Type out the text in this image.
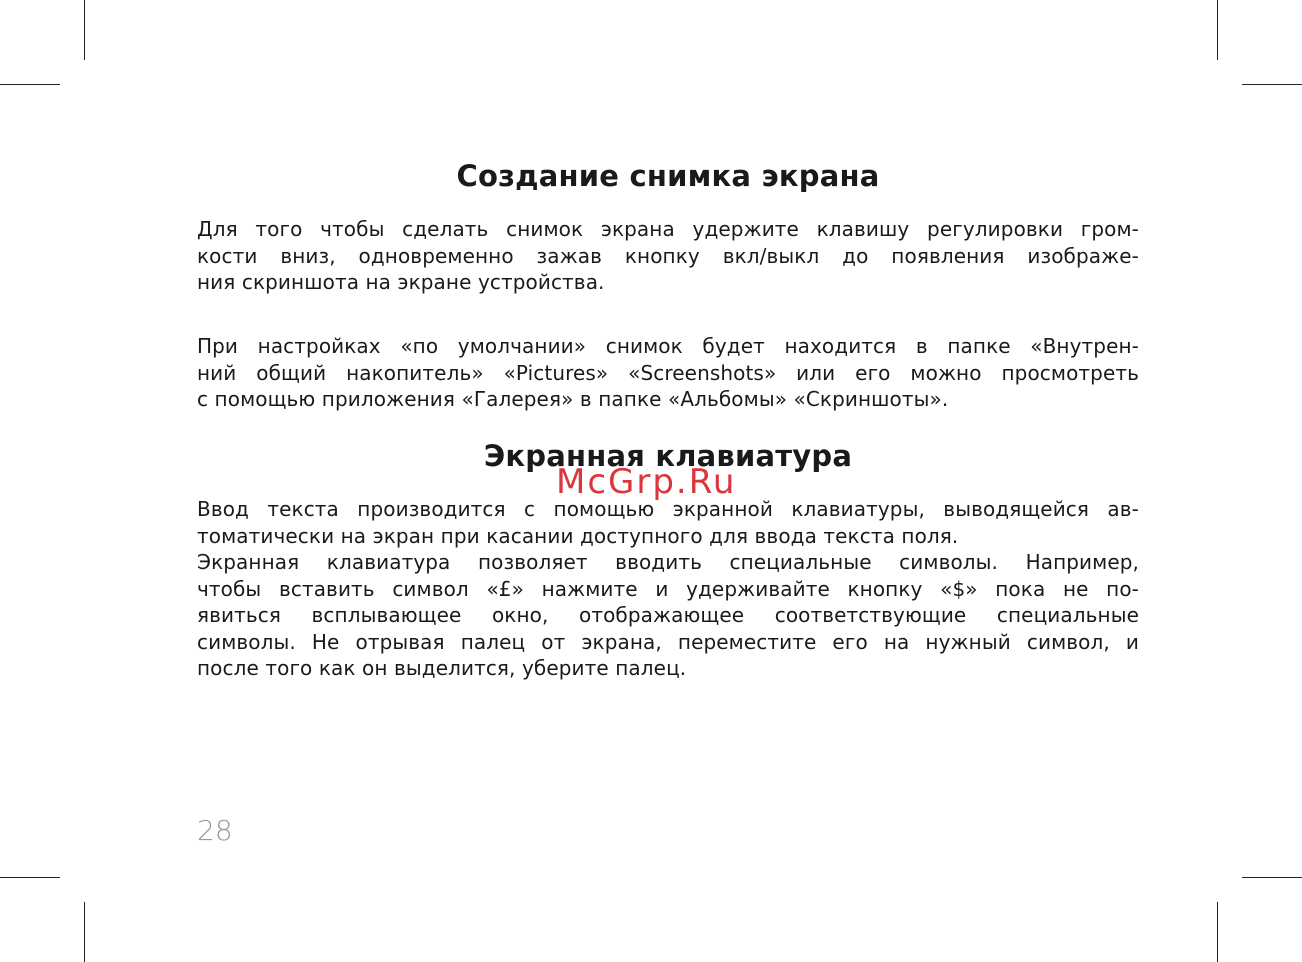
Создание снимка экрана

Для того чтобы сделать снимок экрана удержите клавишу регулировки гром-
кости вниз, одновременно зажав кнопку вкл/выкл до появления изображе-
ния скриншота на экране устройства.

При настройках «по умолчании» снимок будет находится в папке «Внутрен-
ний общий накопитель» «Pictures» «Screenshots» или его можно просмотреть
с помощью приложения «Галерея» в папке «Альбомы» «Скриншоты».

Экранная клавиатура

Ввод текста производится с помощью экранной клавиатуры, выводящейся ав-
томатически на экран при касании доступного для ввода текста поля.

Экранная клавиатура позволяет вводить специальные символы. Например,
чтобы вставить символ «£» нажмите и удерживайте кнопку «$» пока не по-
явиться всплывающее окно, отображающее соответствующие специальные
символы. Не отрывая палец от экрана, переместите его на нужный символ, и
после того как он выделится, уберите палец.

McGrp.Ru
28
